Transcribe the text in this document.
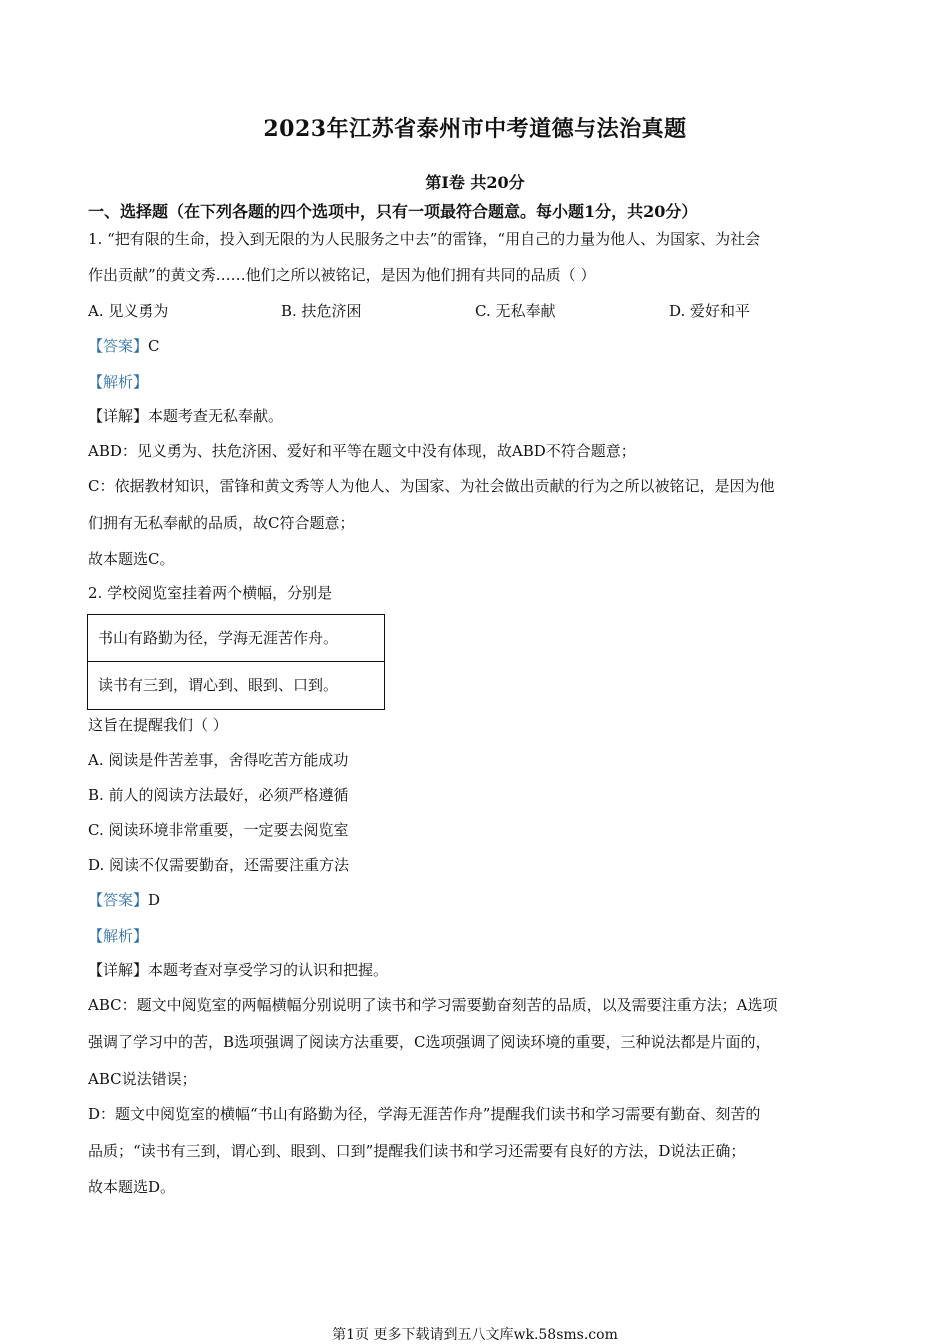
2023年江苏省泰州市中考道德与法治真题
第Ⅰ卷 共20分
一、选择题（在下列各题的四个选项中，只有一项最符合题意。每小题1分，共20分）
1. “把有限的生命，投入到无限的为人民服务之中去”的雷锋，“用自己的力量为他人、为国家、为社会
作出贡献”的黄文秀……他们之所以被铭记，是因为他们拥有共同的品质（ ）
A. 见义勇为	B. 扶危济困	C. 无私奉献	D. 爱好和平
【答案】C
【解析】
【详解】本题考查无私奉献。
ABD：见义勇为、扶危济困、爱好和平等在题文中没有体现，故ABD不符合题意；
C：依据教材知识，雷锋和黄文秀等人为他人、为国家、为社会做出贡献的行为之所以被铭记，是因为他
们拥有无私奉献的品质，故C符合题意；
故本题选C。
2. 学校阅览室挂着两个横幅，分别是
书山有路勤为径，学海无涯苦作舟。
读书有三到，谓心到、眼到、口到。
这旨在提醒我们（ ）
A. 阅读是件苦差事，舍得吃苦方能成功
B. 前人的阅读方法最好，必须严格遵循
C. 阅读环境非常重要，一定要去阅览室
D. 阅读不仅需要勤奋，还需要注重方法
【答案】D
【解析】
【详解】本题考查对享受学习的认识和把握。
ABC：题文中阅览室的两幅横幅分别说明了读书和学习需要勤奋刻苦的品质，以及需要注重方法；A选项
强调了学习中的苦，B选项强调了阅读方法重要，C选项强调了阅读环境的重要，三种说法都是片面的，
ABC说法错误；
D：题文中阅览室的横幅“书山有路勤为径，学海无涯苦作舟”提醒我们读书和学习需要有勤奋、刻苦的
品质；“读书有三到，谓心到、眼到、口到”提醒我们读书和学习还需要有良好的方法，D说法正确；
故本题选D。
第1页 更多下载请到五八文库wk.58sms.com
